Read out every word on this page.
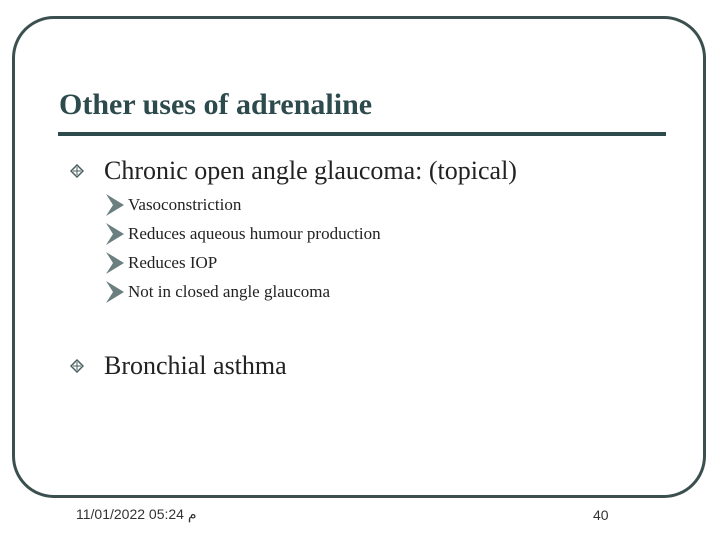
Other uses of adrenaline
Chronic open angle glaucoma: (topical)
Vasoconstriction
Reduces aqueous humour production
Reduces IOP
Not in closed angle glaucoma
Bronchial asthma
م 05:24 11/01/2022	40
